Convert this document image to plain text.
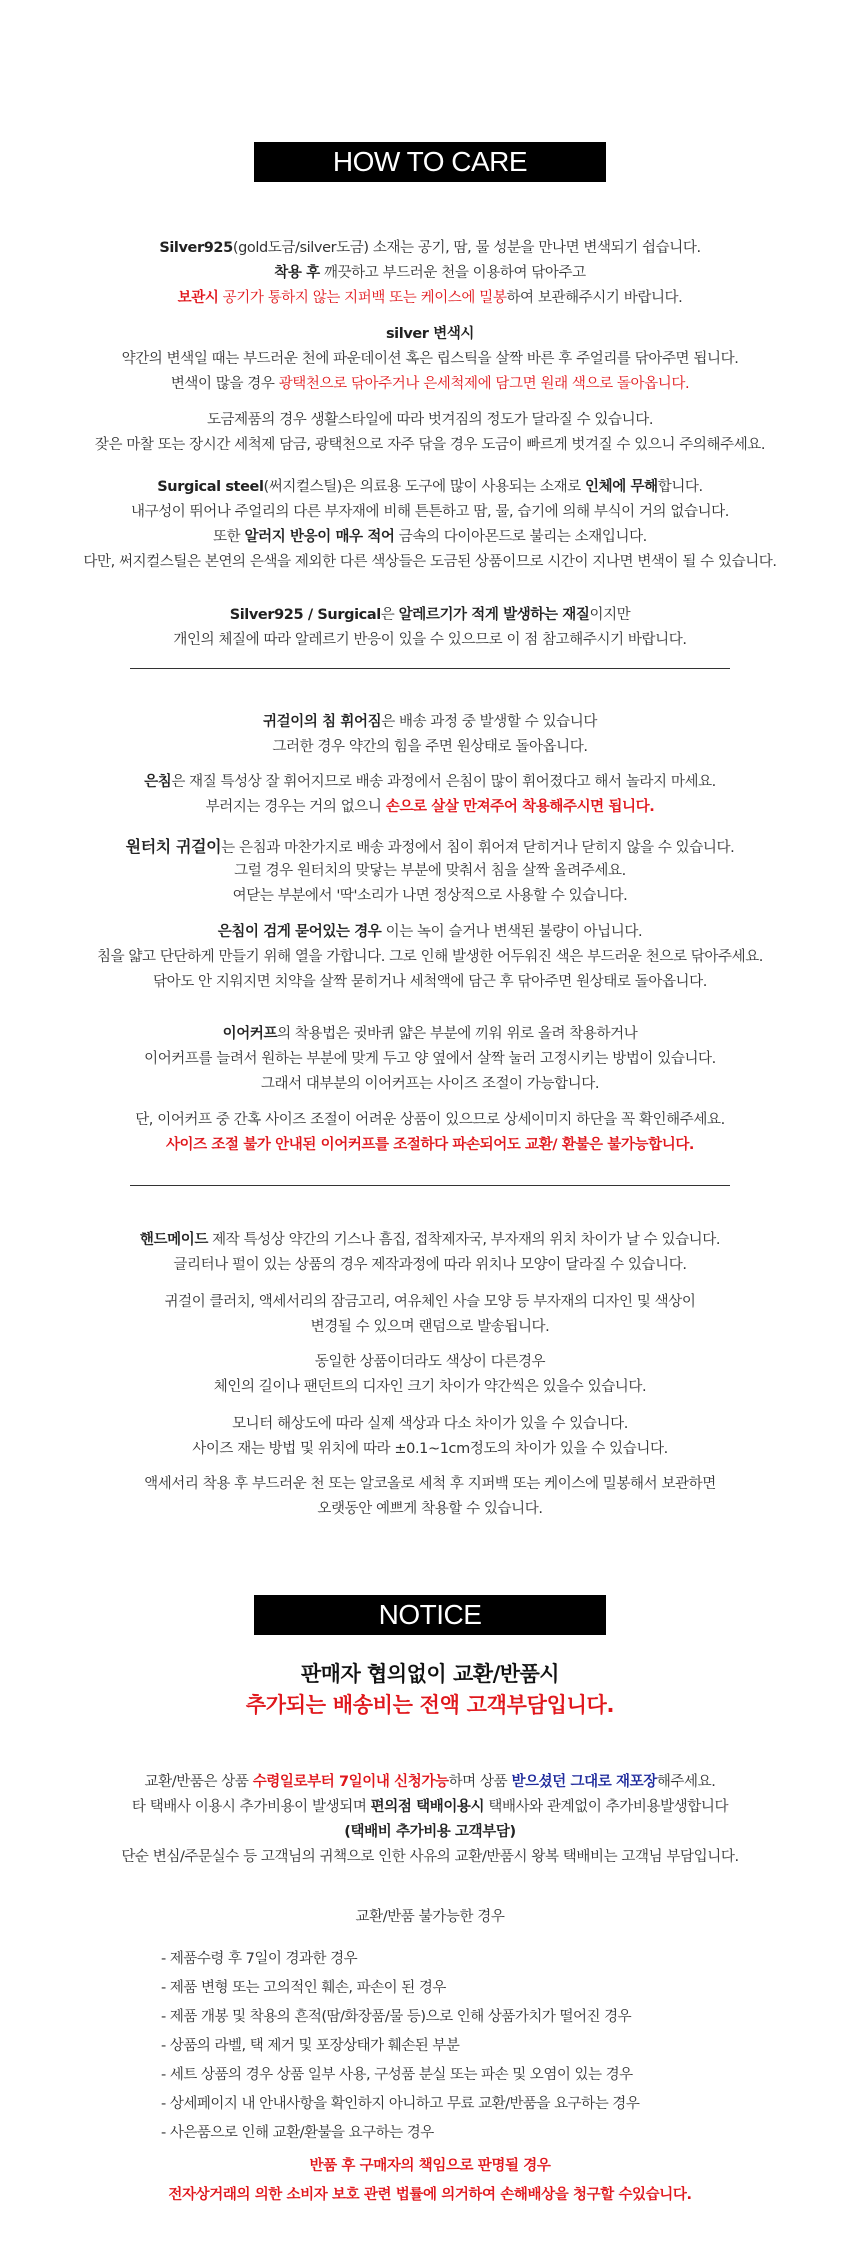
HOW TO CARE
Silver925(gold도금/silver도금) 소재는 공기, 땀, 물 성분을 만나면 변색되기 쉽습니다.
착용 후 깨끗하고 부드러운 천을 이용하여 닦아주고
보관시 공기가 통하지 않는 지퍼백 또는 케이스에 밀봉하여 보관해주시기 바랍니다.
silver 변색시
약간의 변색일 때는 부드러운 천에 파운데이션 혹은 립스틱을 살짝 바른 후 주얼리를 닦아주면 됩니다.
변색이 많을 경우 광택천으로 닦아주거나 은세척제에 담그면 원래 색으로 돌아옵니다.
도금제품의 경우 생활스타일에 따라 벗겨짐의 정도가 달라질 수 있습니다.
잦은 마찰 또는 장시간 세척제 담금, 광택천으로 자주 닦을 경우 도금이 빠르게 벗겨질 수 있으니 주의해주세요.
Surgical steel(써지컬스틸)은 의료용 도구에 많이 사용되는 소재로 인체에 무해합니다.
내구성이 뛰어나 주얼리의 다른 부자재에 비해 튼튼하고 땀, 물, 습기에 의해 부식이 거의 없습니다.
또한 알러지 반응이 매우 적어 금속의 다이아몬드로 불리는 소재입니다.
다만, 써지컬스틸은 본연의 은색을 제외한 다른 색상들은 도금된 상품이므로 시간이 지나면 변색이 될 수 있습니다.
Silver925 / Surgical은 알레르기가 적게 발생하는 재질이지만
개인의 체질에 따라 알레르기 반응이 있을 수 있으므로 이 점 참고해주시기 바랍니다.
귀걸이의 침 휘어짐은 배송 과정 중 발생할 수 있습니다
그러한 경우 약간의 힘을 주면 원상태로 돌아옵니다.
은침은 재질 특성상 잘 휘어지므로 배송 과정에서 은침이 많이 휘어졌다고 해서 놀라지 마세요.
부러지는 경우는 거의 없으니 손으로 살살 만져주어 착용해주시면 됩니다.
원터치 귀걸이는 은침과 마찬가지로 배송 과정에서 침이 휘어져 닫히거나 닫히지 않을 수 있습니다.
그럴 경우 원터치의 맞닿는 부분에 맞춰서 침을 살짝 올려주세요.
여닫는 부분에서 '딱'소리가 나면 정상적으로 사용할 수 있습니다.
은침이 검게 묻어있는 경우 이는 녹이 슬거나 변색된 불량이 아닙니다.
침을 얇고 단단하게 만들기 위해 열을 가합니다. 그로 인해 발생한 어두워진 색은 부드러운 천으로 닦아주세요.
닦아도 안 지워지면 치약을 살짝 묻히거나 세척액에 담근 후 닦아주면 원상태로 돌아옵니다.
이어커프의 착용법은 귓바퀴 얇은 부분에 끼워 위로 올려 착용하거나
이어커프를 늘려서 원하는 부분에 맞게 두고 양 옆에서 살짝 눌러 고정시키는 방법이 있습니다.
그래서 대부분의 이어커프는 사이즈 조절이 가능합니다.
단, 이어커프 중 간혹 사이즈 조절이 어려운 상품이 있으므로 상세이미지 하단을 꼭 확인해주세요.
사이즈 조절 불가 안내된 이어커프를 조절하다 파손되어도 교환/ 환불은 불가능합니다.
핸드메이드 제작 특성상 약간의 기스나 흠집, 접착제자국, 부자재의 위치 차이가 날 수 있습니다.
글리터나 펄이 있는 상품의 경우 제작과정에 따라 위치나 모양이 달라질 수 있습니다.
귀걸이 클러치, 액세서리의 잠금고리, 여유체인 사슬 모양 등 부자재의 디자인 및 색상이
변경될 수 있으며 랜덤으로 발송됩니다.
동일한 상품이더라도 색상이 다른경우
체인의 길이나 팬던트의 디자인 크기 차이가 약간씩은 있을수 있습니다.
모니터 해상도에 따라 실제 색상과 다소 차이가 있을 수 있습니다.
사이즈 재는 방법 및 위치에 따라 ±0.1~1cm정도의 차이가 있을 수 있습니다.
액세서리 착용 후 부드러운 천 또는 알코올로 세척 후 지퍼백 또는 케이스에 밀봉해서 보관하면
오랫동안 예쁘게 착용할 수 있습니다.
NOTICE
판매자 협의없이 교환/반품시
추가되는 배송비는 전액 고객부담입니다.
교환/반품은 상품 수령일로부터 7일이내 신청가능하며 상품 받으셨던 그대로 재포장해주세요.
타 택배사 이용시 추가비용이 발생되며 편의점 택배이용시 택배사와 관계없이 추가비용발생합니다
(택배비 추가비용 고객부담)
단순 변심/주문실수 등 고객님의 귀책으로 인한 사유의 교환/반품시 왕복 택배비는 고객님 부담입니다.
교환/반품 불가능한 경우
- 제품수령 후 7일이 경과한 경우
- 제품 변형 또는 고의적인 훼손, 파손이 된 경우
- 제품 개봉 및 착용의 흔적(땀/화장품/물 등)으로 인해 상품가치가 떨어진 경우
- 상품의 라벨, 택 제거 및 포장상태가 훼손된 부분
- 세트 상품의 경우 상품 일부 사용, 구성품 분실 또는 파손 및 오염이 있는 경우
- 상세페이지 내 안내사항을 확인하지 아니하고 무료 교환/반품을 요구하는 경우
- 사은품으로 인해 교환/환불을 요구하는 경우
반품 후 구매자의 책임으로 판명될 경우
전자상거래의 의한 소비자 보호 관련 법률에 의거하여 손해배상을 청구할 수있습니다.
